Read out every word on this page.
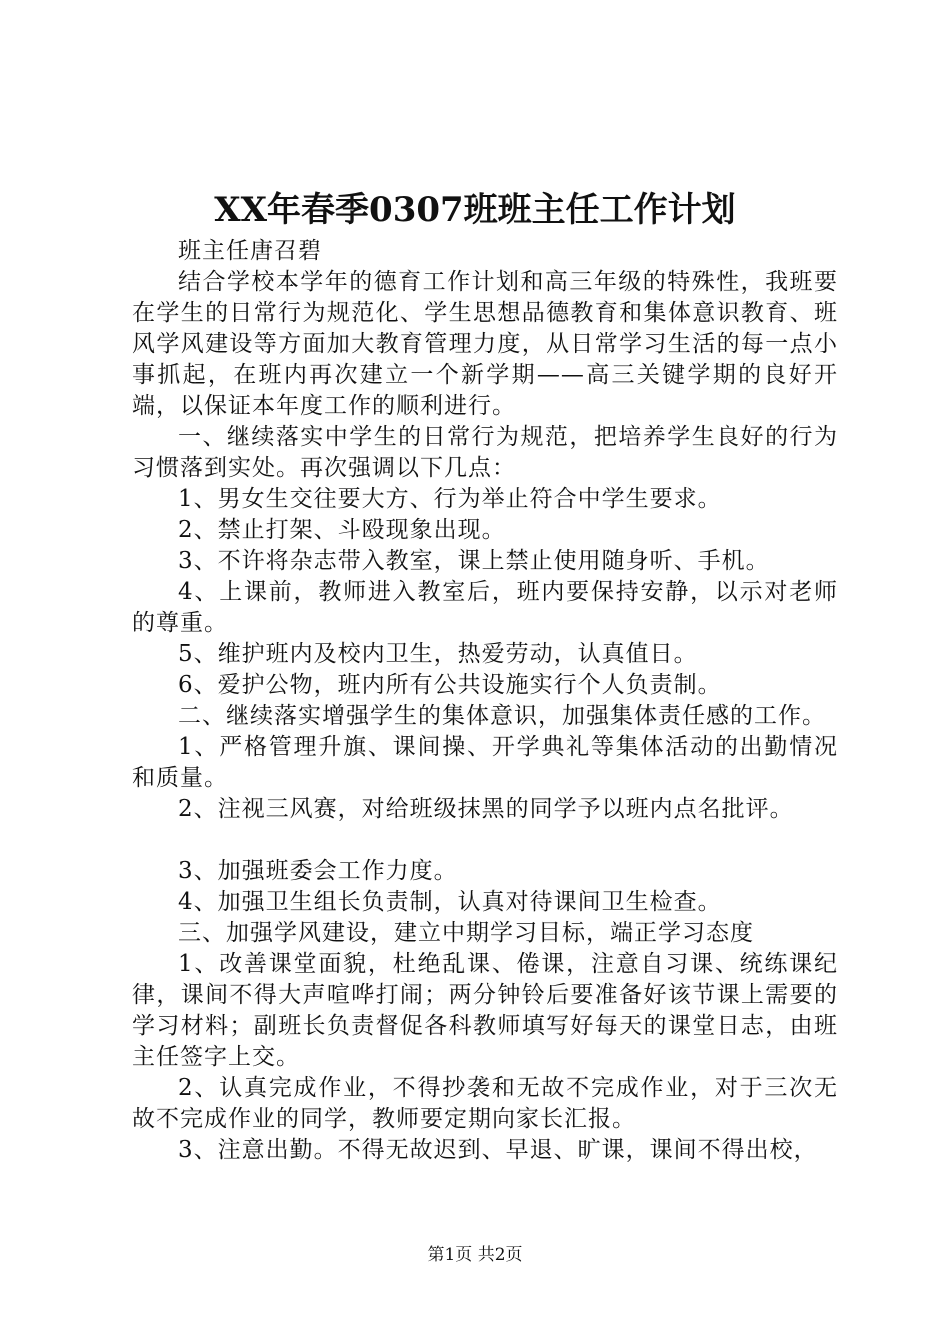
XX年春季0307班班主任工作计划

班主任唐召碧

结合学校本学年的德育工作计划和高三年级的特殊性，我班要在学生的日常行为规范化、学生思想品德教育和集体意识教育、班风学风建设等方面加大教育管理力度，从日常学习生活的每一点小事抓起，在班内再次建立一个新学期——高三关键学期的良好开端，以保证本年度工作的顺利进行。

一、继续落实中学生的日常行为规范，把培养学生良好的行为习惯落到实处。再次强调以下几点：

1、男女生交往要大方、行为举止符合中学生要求。

2、禁止打架、斗殴现象出现。

3、不许将杂志带入教室，课上禁止使用随身听、手机。

4、上课前，教师进入教室后，班内要保持安静，以示对老师的尊重。

5、维护班内及校内卫生，热爱劳动，认真值日。

6、爱护公物，班内所有公共设施实行个人负责制。

二、继续落实增强学生的集体意识，加强集体责任感的工作。

1、严格管理升旗、课间操、开学典礼等集体活动的出勤情况和质量。

2、注视三风赛，对给班级抹黑的同学予以班内点名批评。

3、加强班委会工作力度。

4、加强卫生组长负责制，认真对待课间卫生检查。

三、加强学风建设，建立中期学习目标，端正学习态度

1、改善课堂面貌，杜绝乱课、倦课，注意自习课、统练课纪律，课间不得大声喧哗打闹；两分钟铃后要准备好该节课上需要的学习材料；副班长负责督促各科教师填写好每天的课堂日志，由班主任签字上交。

2、认真完成作业，不得抄袭和无故不完成作业，对于三次无故不完成作业的同学，教师要定期向家长汇报。

3、注意出勤。不得无故迟到、早退、旷课，课间不得出校，

第1页 共2页
